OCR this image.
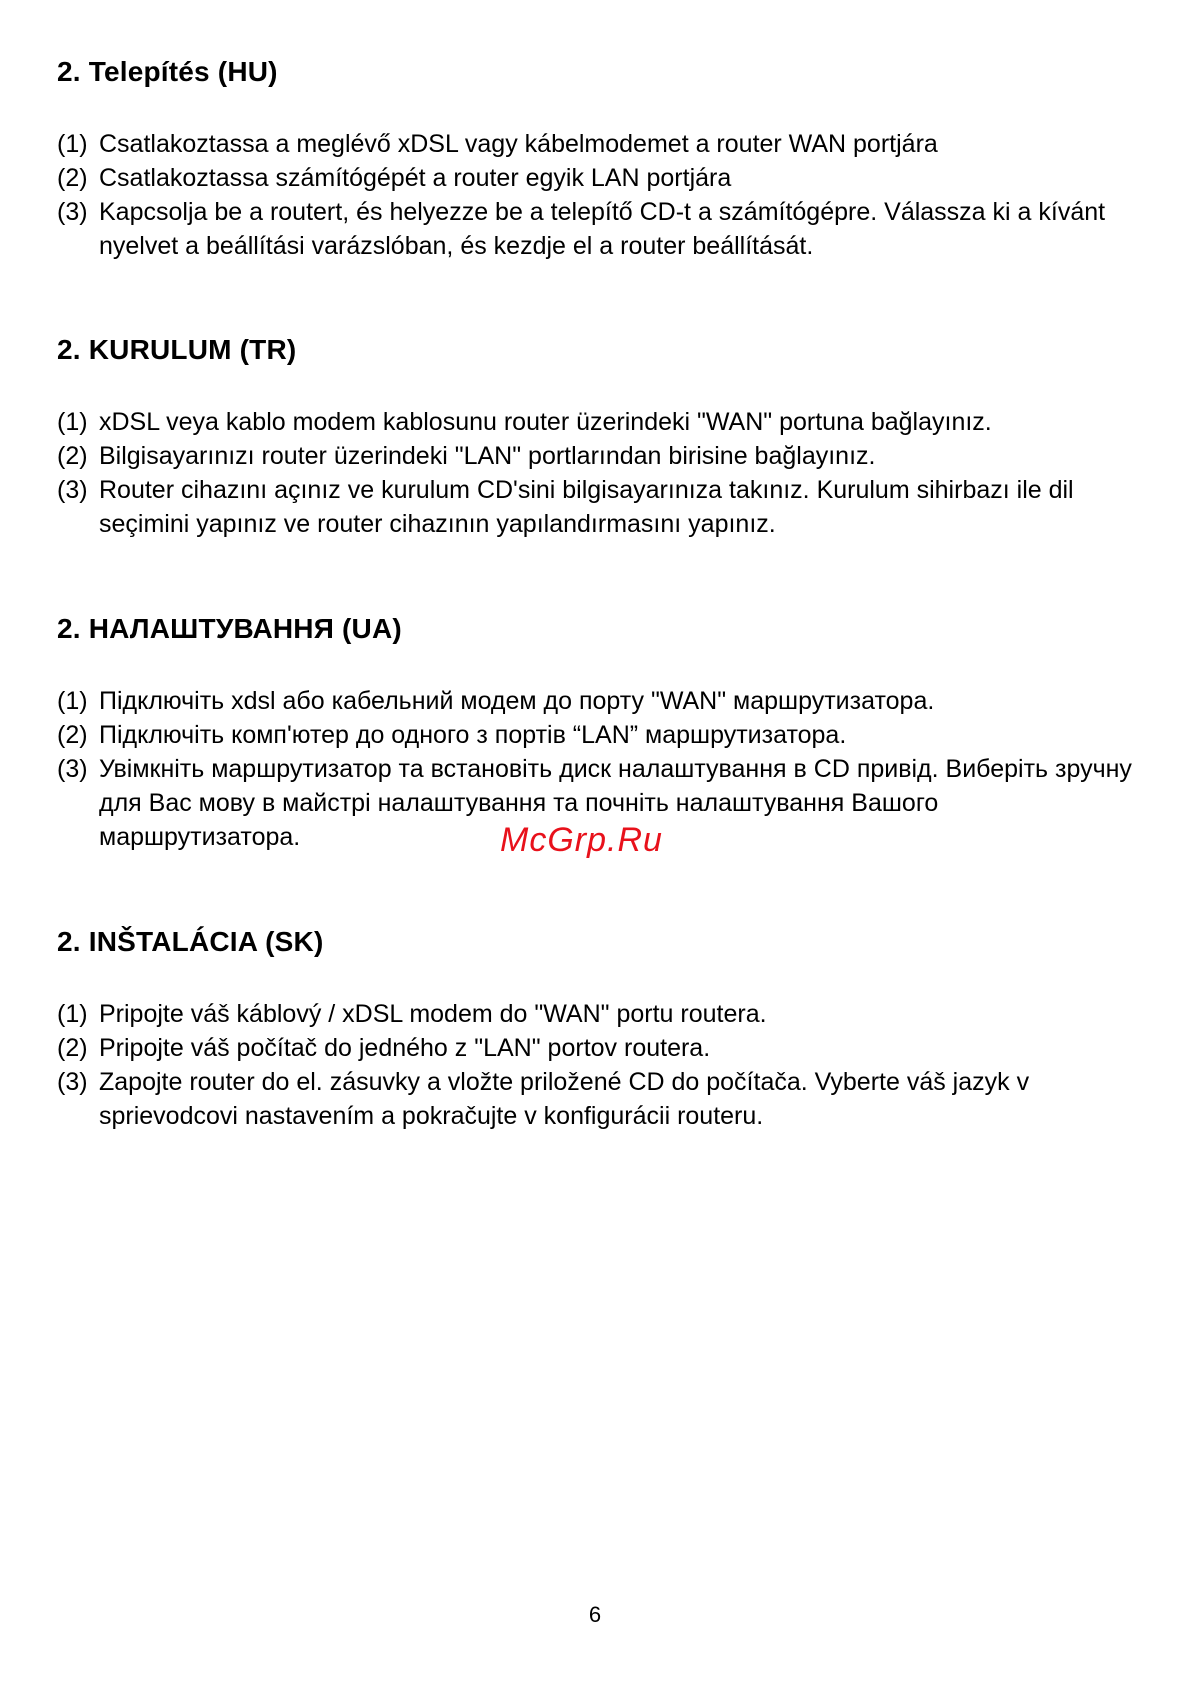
2. Telepítés (HU)
(1) Csatlakoztassa a meglévő xDSL vagy kábelmodemet a router WAN portjára
(2) Csatlakoztassa számítógépét a router egyik LAN portjára
(3) Kapcsolja be a routert, és helyezze be a telepítő CD-t a számítógépre. Válassza ki a kívánt nyelvet a beállítási varázslóban, és kezdje el a router beállítását.
2. KURULUM (TR)
(1) xDSL veya kablo modem kablosunu router üzerindeki "WAN" portuna bağlayınız.
(2) Bilgisayarınızı router üzerindeki "LAN" portlarından birisine bağlayınız.
(3) Router cihazını açınız ve kurulum CD'sini bilgisayarınıza takınız. Kurulum sihirbazı ile dil seçimini yapınız ve router cihazının yapılandırmasını yapınız.
2. НАЛАШТУВАННЯ (UA)
(1) Підключіть xdsl або кабельний модем до порту "WAN" маршрутизатора.
(2) Підключіть комп'ютер до одного з портів “LAN” маршрутизатора.
(3) Увімкніть маршрутизатор та встановіть диск налаштування в CD привід. Виберіть зручну для Вас мову в майстрі налаштування та почніть налаштування Вашого маршрутизатора.
2. INŠTALÁCIA (SK)
(1) Pripojte váš káblový / xDSL modem do "WAN" portu routera.
(2) Pripojte váš počítač do jedného z "LAN" portov routera.
(3) Zapojte router do el. zásuvky a vložte priložené CD do počítača. Vyberte váš jazyk v sprievodcovi nastavením a pokračujte v konfigurácii routeru.
McGrp.Ru
6
